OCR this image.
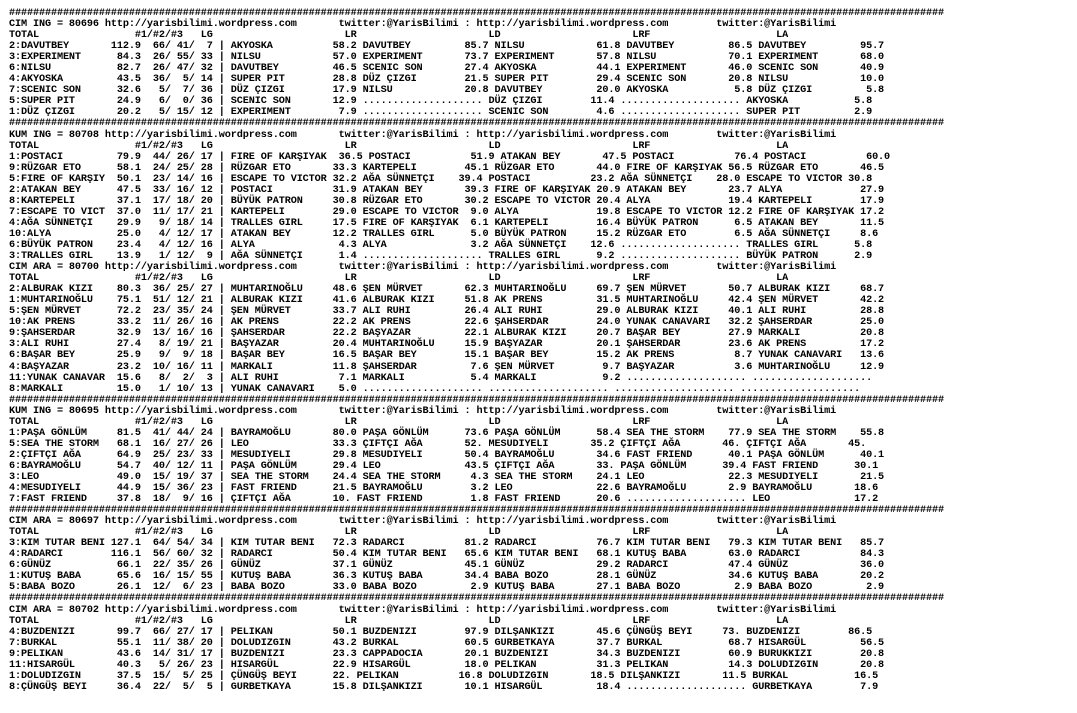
############################################################################################################################################################
CIM ING = 80696 http://yarisbilimi.wordpress.com       twitter:@YarisBilimi : http://yarisbilimi.wordpress.com        twitter:@YarisBilimi
TOTAL                #1/#2/#3   LG                      LR                      LD                      LRF                     LA
2:DAVUTBEY       112.9  66/ 41/  7 | AKYOSKA          58.2 DAVUTBEY         85.7 NILSU            61.8 DAVUTBEY         86.5 DAVUTBEY         95.7
3:EXPERIMENT      84.3  26/ 55/ 33 | NILSU            57.0 EXPERIMENT       73.7 EXPERIMENT       57.8 NILSU            70.1 EXPERIMENT       68.0
6:NILSU           82.7  26/ 47/ 32 | DAVUTBEY         46.5 SCENIC SON       27.4 AKYOSKA          44.1 EXPERIMENT       46.0 SCENIC SON       40.9
4:AKYOSKA         43.5  36/  5/ 14 | SUPER PIT        28.8 DÜZ ÇIZGI        21.5 SUPER PIT        29.4 SCENIC SON       20.8 NILSU            10.0
7:SCENIC SON      32.6   5/  7/ 36 | DÜZ ÇIZGI        17.9 NILSU            20.8 DAVUTBEY         20.0 AKYOSKA           5.8 DÜZ ÇIZGI         5.8
5:SUPER PIT       24.9   6/  0/ 36 | SCENIC SON       12.9 .................... DÜZ ÇIZGI        11.4 .................... AKYOSKA           5.8
1:DÜZ ÇIZGI       20.2   5/ 15/ 12 | EXPERIMENT        7.9 .................... SCENIC SON        4.6 .................... SUPER PIT         2.9
############################################################################################################################################################
KUM ING = 80708 http://yarisbilimi.wordpress.com       twitter:@YarisBilimi : http://yarisbilimi.wordpress.com        twitter:@YarisBilimi
TOTAL                #1/#2/#3   LG                      LR                      LD                      LRF                     LA
1:POSTACI         79.9  44/ 26/ 17 | FIRE OF KARŞIYAK  36.5 POSTACI          51.9 ATAKAN BEY       47.5 POSTACI          76.4 POSTACI          60.0
9:RÜZGAR ETO      58.1  24/ 25/ 28 | RÜZGAR ETO       33.3 KARTEPELI        45.1 RÜZGAR ETO       44.0 FIRE OF KARŞIYAK 56.5 RÜZGAR ETO       46.5
5:FIRE OF KARŞIY  50.1  23/ 14/ 16 | ESCAPE TO VICTOR 32.2 AĞA SÜNNETÇI    39.4 POSTACI          23.2 AĞA SÜNNETÇI    28.0 ESCAPE TO VICTOR 30.8
2:ATAKAN BEY      47.5  33/ 16/ 12 | POSTACI          31.9 ATAKAN BEY       39.3 FIRE OF KARŞIYAK 20.9 ATAKAN BEY       23.7 ALYA             27.9
8:KARTEPELI       37.1  17/ 18/ 20 | BÜYÜK PATRON     30.8 RÜZGAR ETO       30.2 ESCAPE TO VICTOR 20.4 ALYA             19.4 KARTEPELI        17.9
7:ESCAPE TO VICT  37.0  11/ 17/ 21 | KARTEPELI        29.0 ESCAPE TO VICTOR  9.0 ALYA             19.8 ESCAPE TO VICTOR 12.2 FIRE OF KARŞIYAK 17.2
4:AĞA SÜNNETÇI    29.9   9/ 18/ 14 | TRALLES GIRL     17.5 FIRE OF KARŞIYAK  6.1 KARTEPELI        16.4 BÜYÜK PATRON      6.5 ATAKAN BEY       11.5
10:ALYA           25.0   4/ 12/ 17 | ATAKAN BEY       12.2 TRALLES GIRL      5.0 BÜYÜK PATRON     15.2 RÜZGAR ETO        6.5 AĞA SÜNNETÇI     8.6
6:BÜYÜK PATRON    23.4   4/ 12/ 16 | ALYA              4.3 ALYA              3.2 AĞA SÜNNETÇI    12.6 .................... TRALLES GIRL      5.8
3:TRALLES GIRL    13.9   1/ 12/  9 | AĞA SÜNNETÇI      1.4 .................... TRALLES GIRL      9.2 .................... BÜYÜK PATRON      2.9
CIM ARA = 80700 http://yarisbilimi.wordpress.com       twitter:@YarisBilimi : http://yarisbilimi.wordpress.com        twitter:@YarisBilimi
TOTAL                #1/#2/#3   LG                      LR                      LD                      LRF                     LA
2:ALBURAK KIZI    80.3  36/ 25/ 27 | MUHTARINOĞLU     48.6 ŞEN MÜRVET       62.3 MUHTARINOĞLU     69.7 ŞEN MÜRVET       50.7 ALBURAK KIZI     68.7
1:MUHTARINOĞLU    75.1  51/ 12/ 21 | ALBURAK KIZI     41.6 ALBURAK KIZI     51.8 AK PRENS         31.5 MUHTARINOĞLU     42.4 ŞEN MÜRVET       42.2
5:ŞEN MÜRVET      72.2  23/ 35/ 24 | ŞEN MÜRVET       33.7 ALI RUHI         26.4 ALI RUHI         29.0 ALBURAK KIZI     40.1 ALI RUHI         28.8
10:AK PRENS       33.2  11/ 26/ 16 | AK PRENS         22.2 AK PRENS         22.6 ŞAHSERDAR        24.0 YUNAK CANAVARI   32.2 ŞAHSERDAR        25.0
9:ŞAHSERDAR       32.9  13/ 16/ 16 | ŞAHSERDAR        22.2 BAŞYAZAR         22.1 ALBURAK KIZI     20.7 BAŞAR BEY        27.9 MARKALI          20.8
3:ALI RUHI        27.4   8/ 19/ 21 | BAŞYAZAR         20.4 MUHTARINOĞLU     15.9 BAŞYAZAR         20.1 ŞAHSERDAR        23.6 AK PRENS         17.2
6:BAŞAR BEY       25.9   9/  9/ 18 | BAŞAR BEY        16.5 BAŞAR BEY        15.1 BAŞAR BEY        15.2 AK PRENS          8.7 YUNAK CANAVARI   13.6
4:BAŞYAZAR        23.2  10/ 16/ 11 | MARKALI          11.8 ŞAHSERDAR         7.6 ŞEN MÜRVET        9.7 BAŞYAZAR          3.6 MUHTARINOĞLU     12.9
11:YUNAK CANAVAR  15.6   8/  2/  3 | ALI RUHI          7.1 MARKALI           5.4 MARKALI           9.2 .................... ....................
8:MARKALI         15.0   1/ 10/ 13 | YUNAK CANAVARI    5.0 .................... .................... .................... ....................
############################################################################################################################################################
KUM ING = 80695 http://yarisbilimi.wordpress.com       twitter:@YarisBilimi : http://yarisbilimi.wordpress.com        twitter:@YarisBilimi
TOTAL                #1/#2/#3   LG                      LR                      LD                      LRF                     LA
1:PAŞA GÖNLÜM     81.5  41/ 44/ 24 | BAYRAMOĞLU       80.0 PAŞA GÖNLÜM      73.6 PAŞA GÖNLÜM      58.4 SEA THE STORM    77.9 SEA THE STORM    55.8
5:SEA THE STORM   68.1  16/ 27/ 26 | LEO              33.3 ÇIFTÇI AĞA       52. MESUDIYELI       35.2 ÇIFTÇI AĞA       46. ÇIFTÇI AĞA       45.
2:ÇIFTÇI AĞA      64.9  25/ 23/ 33 | MESUDIYELI       29.8 MESUDIYELI       50.4 BAYRAMOĞLU       34.6 FAST FRIEND      40.1 PAŞA GÖNLÜM      40.1
6:BAYRAMOĞLU      54.7  40/ 12/ 11 | PAŞA GÖNLÜM      29.4 LEO              43.5 ÇIFTÇI AĞA       33. PAŞA GÖNLÜM      39.4 FAST FRIEND      30.1
3:LEO             49.0  15/ 19/ 37 | SEA THE STORM    24.4 SEA THE STORM     4.3 SEA THE STORM    24.1 LEO              22.3 MESUDIYELI       21.5
4:MESUDIYELI      44.9  15/ 36/ 23 | FAST FRIEND      21.5 BAYRAMOĞLU        3.2 LEO              22.6 BAYRAMOĞLU       2.9 BAYRAMOĞLU       18.6
7:FAST FRIEND     37.8  18/  9/ 16 | ÇIFTÇI AĞA       10. FAST FRIEND        1.8 FAST FRIEND      20.6 .................... LEO              17.2
############################################################################################################################################################
CIM ARA = 80697 http://yarisbilimi.wordpress.com       twitter:@YarisBilimi : http://yarisbilimi.wordpress.com        twitter:@YarisBilimi
TOTAL                #1/#2/#3   LG                      LR                      LD                      LRF                     LA
3:KIM TUTAR BENI 127.1  64/ 54/ 34 | KIM TUTAR BENI   72.3 RADARCI          81.2 RADARCI          76.7 KIM TUTAR BENI   79.3 KIM TUTAR BENI   85.7
4:RADARCI        116.1  56/ 60/ 32 | RADARCI          50.4 KIM TUTAR BENI   65.6 KIM TUTAR BENI   68.1 KUTUŞ BABA       63.0 RADARCI          84.3
6:GÜNÜZ           66.1  22/ 35/ 26 | GÜNÜZ            37.1 GÜNÜZ            45.1 GÜNÜZ            29.2 RADARCI          47.4 GÜNÜZ            36.0
1:KUTUŞ BABA      65.6  16/ 15/ 55 | KUTUŞ BABA       36.3 KUTUŞ BABA       34.4 BABA BOZO        28.1 GÜNÜZ            34.6 KUTUŞ BABA       20.2
5:BABA BOZO       26.1  12/  6/ 23 | BABA BOZO        33.0 BABA BOZO         2.9 KUTUŞ BABA       27.1 BABA BOZO         2.9 BABA BOZO         2.9
############################################################################################################################################################
CIM ARA = 80702 http://yarisbilimi.wordpress.com       twitter:@YarisBilimi : http://yarisbilimi.wordpress.com        twitter:@YarisBilimi
TOTAL                #1/#2/#3   LG                      LR                      LD                      LRF                     LA
4:BUZDENIZI       99.7  66/ 27/ 17 | PELIKAN          50.1 BUZDENIZI        97.9 DILŞANKIZI       45.6 ÇÜNGÜŞ BEYI     73. BUZDENIZI        86.5
7:BURKAL          55.1  11/ 38/ 20 | DOLUDIZGIN       43.2 BURKAL           60.5 GURBETKAYA       37.7 BURKAL           68.7 HISARGÜL         56.5
9:PELIKAN         43.6  14/ 31/ 17 | BUZDENIZI        23.3 CAPPADOCIA       20.1 BUZDENIZI        34.3 BUZDENIZI        60.9 BURUKKIZI        20.8
11:HISARGÜL       40.3   5/ 26/ 23 | HISARGÜL         22.9 HISARGÜL         18.0 PELIKAN          31.3 PELIKAN          14.3 DOLUDIZGIN       20.8
1:DOLUDIZGIN      37.5  15/  5/ 25 | ÇÜNGÜŞ BEYI      22. PELIKAN          16.8 DOLUDIZGIN       18.5 DILŞANKIZI       11.5 BURKAL           16.5
8:ÇÜNGÜŞ BEYI     36.4  22/  5/  5 | GURBETKAYA       15.8 DILŞANKIZI       10.1 HISARGÜL         18.4 .................... GURBETKAYA        7.9
